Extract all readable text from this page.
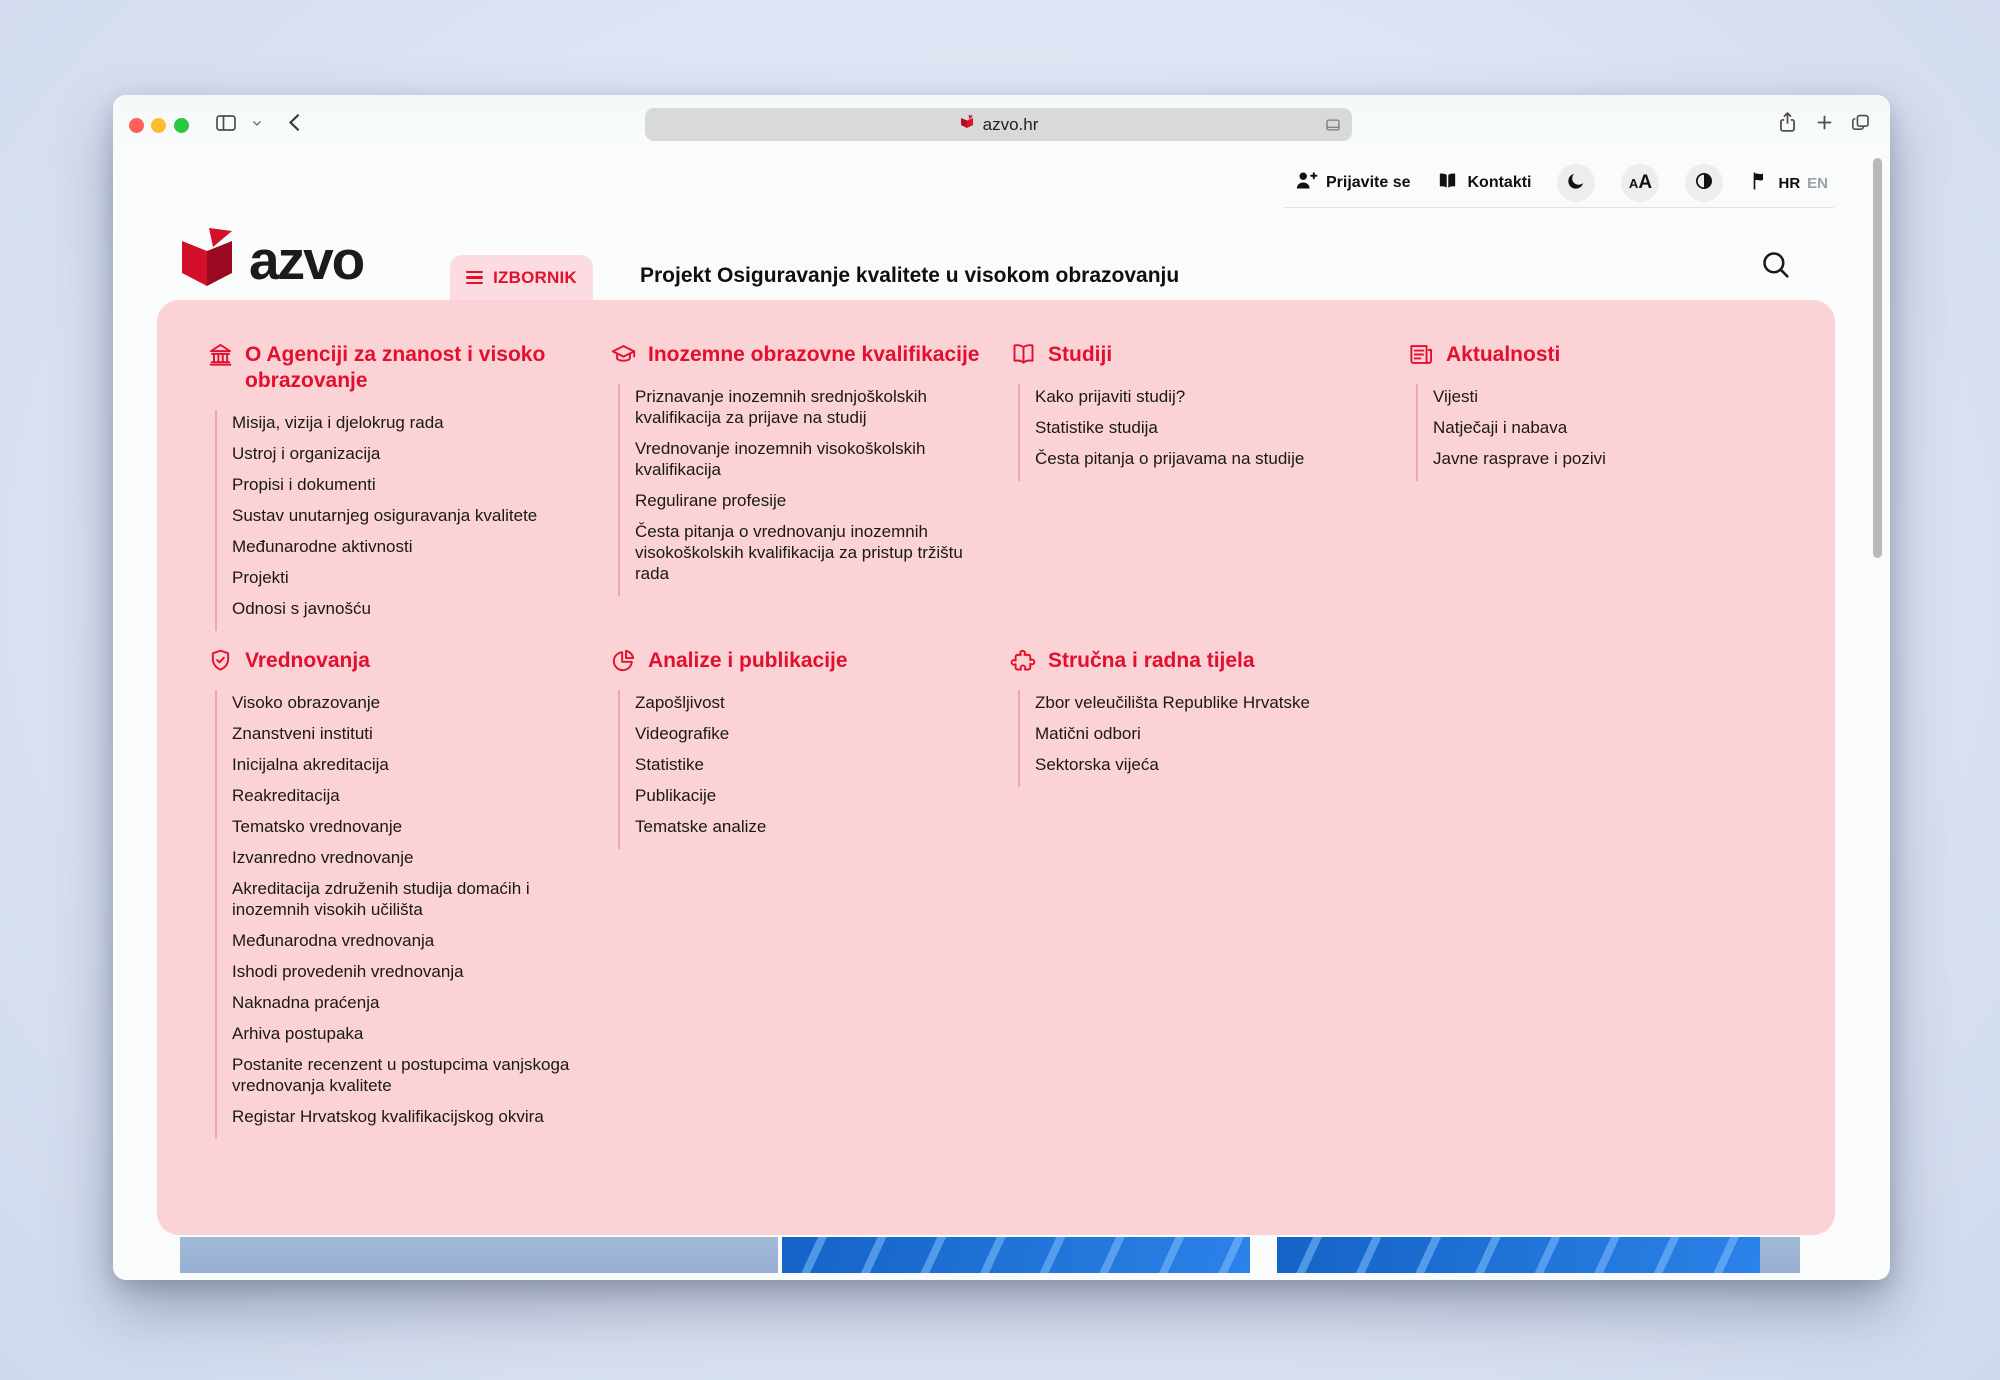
azvo.hr
Prijavite se	Kontakti	A A	HR EN
azvo	IZBORNIK	Projekt Osiguravanje kvalitete u visokom obrazovanju
O Agenciji za znanost i visoko obrazovanje
Misija, vizija i djelokrug rada
Ustroj i organizacija
Propisi i dokumenti
Sustav unutarnjeg osiguravanja kvalitete
Međunarodne aktivnosti
Projekti
Odnosi s javnošću
Inozemne obrazovne kvalifikacije
Priznavanje inozemnih srednjoškolskih kvalifikacija za prijave na studij
Vrednovanje inozemnih visokoškolskih kvalifikacija
Regulirane profesije
Česta pitanja o vrednovanju inozemnih visokoškolskih kvalifikacija za pristup tržištu rada
Studiji
Kako prijaviti studij?
Statistike studija
Česta pitanja o prijavama na studije
Aktualnosti
Vijesti
Natječaji i nabava
Javne rasprave i pozivi
Vrednovanja
Visoko obrazovanje
Znanstveni instituti
Inicijalna akreditacija
Reakreditacija
Tematsko vrednovanje
Izvanredno vrednovanje
Akreditacija združenih studija domaćih i inozemnih visokih učilišta
Međunarodna vrednovanja
Ishodi provedenih vrednovanja
Naknadna praćenja
Arhiva postupaka
Postanite recenzent u postupcima vanjskoga vrednovanja kvalitete
Registar Hrvatskog kvalifikacijskog okvira
Analize i publikacije
Zapošljivost
Videografike
Statistike
Publikacije
Tematske analize
Stručna i radna tijela
Zbor veleučilišta Republike Hrvatske
Matični odbori
Sektorska vijeća
